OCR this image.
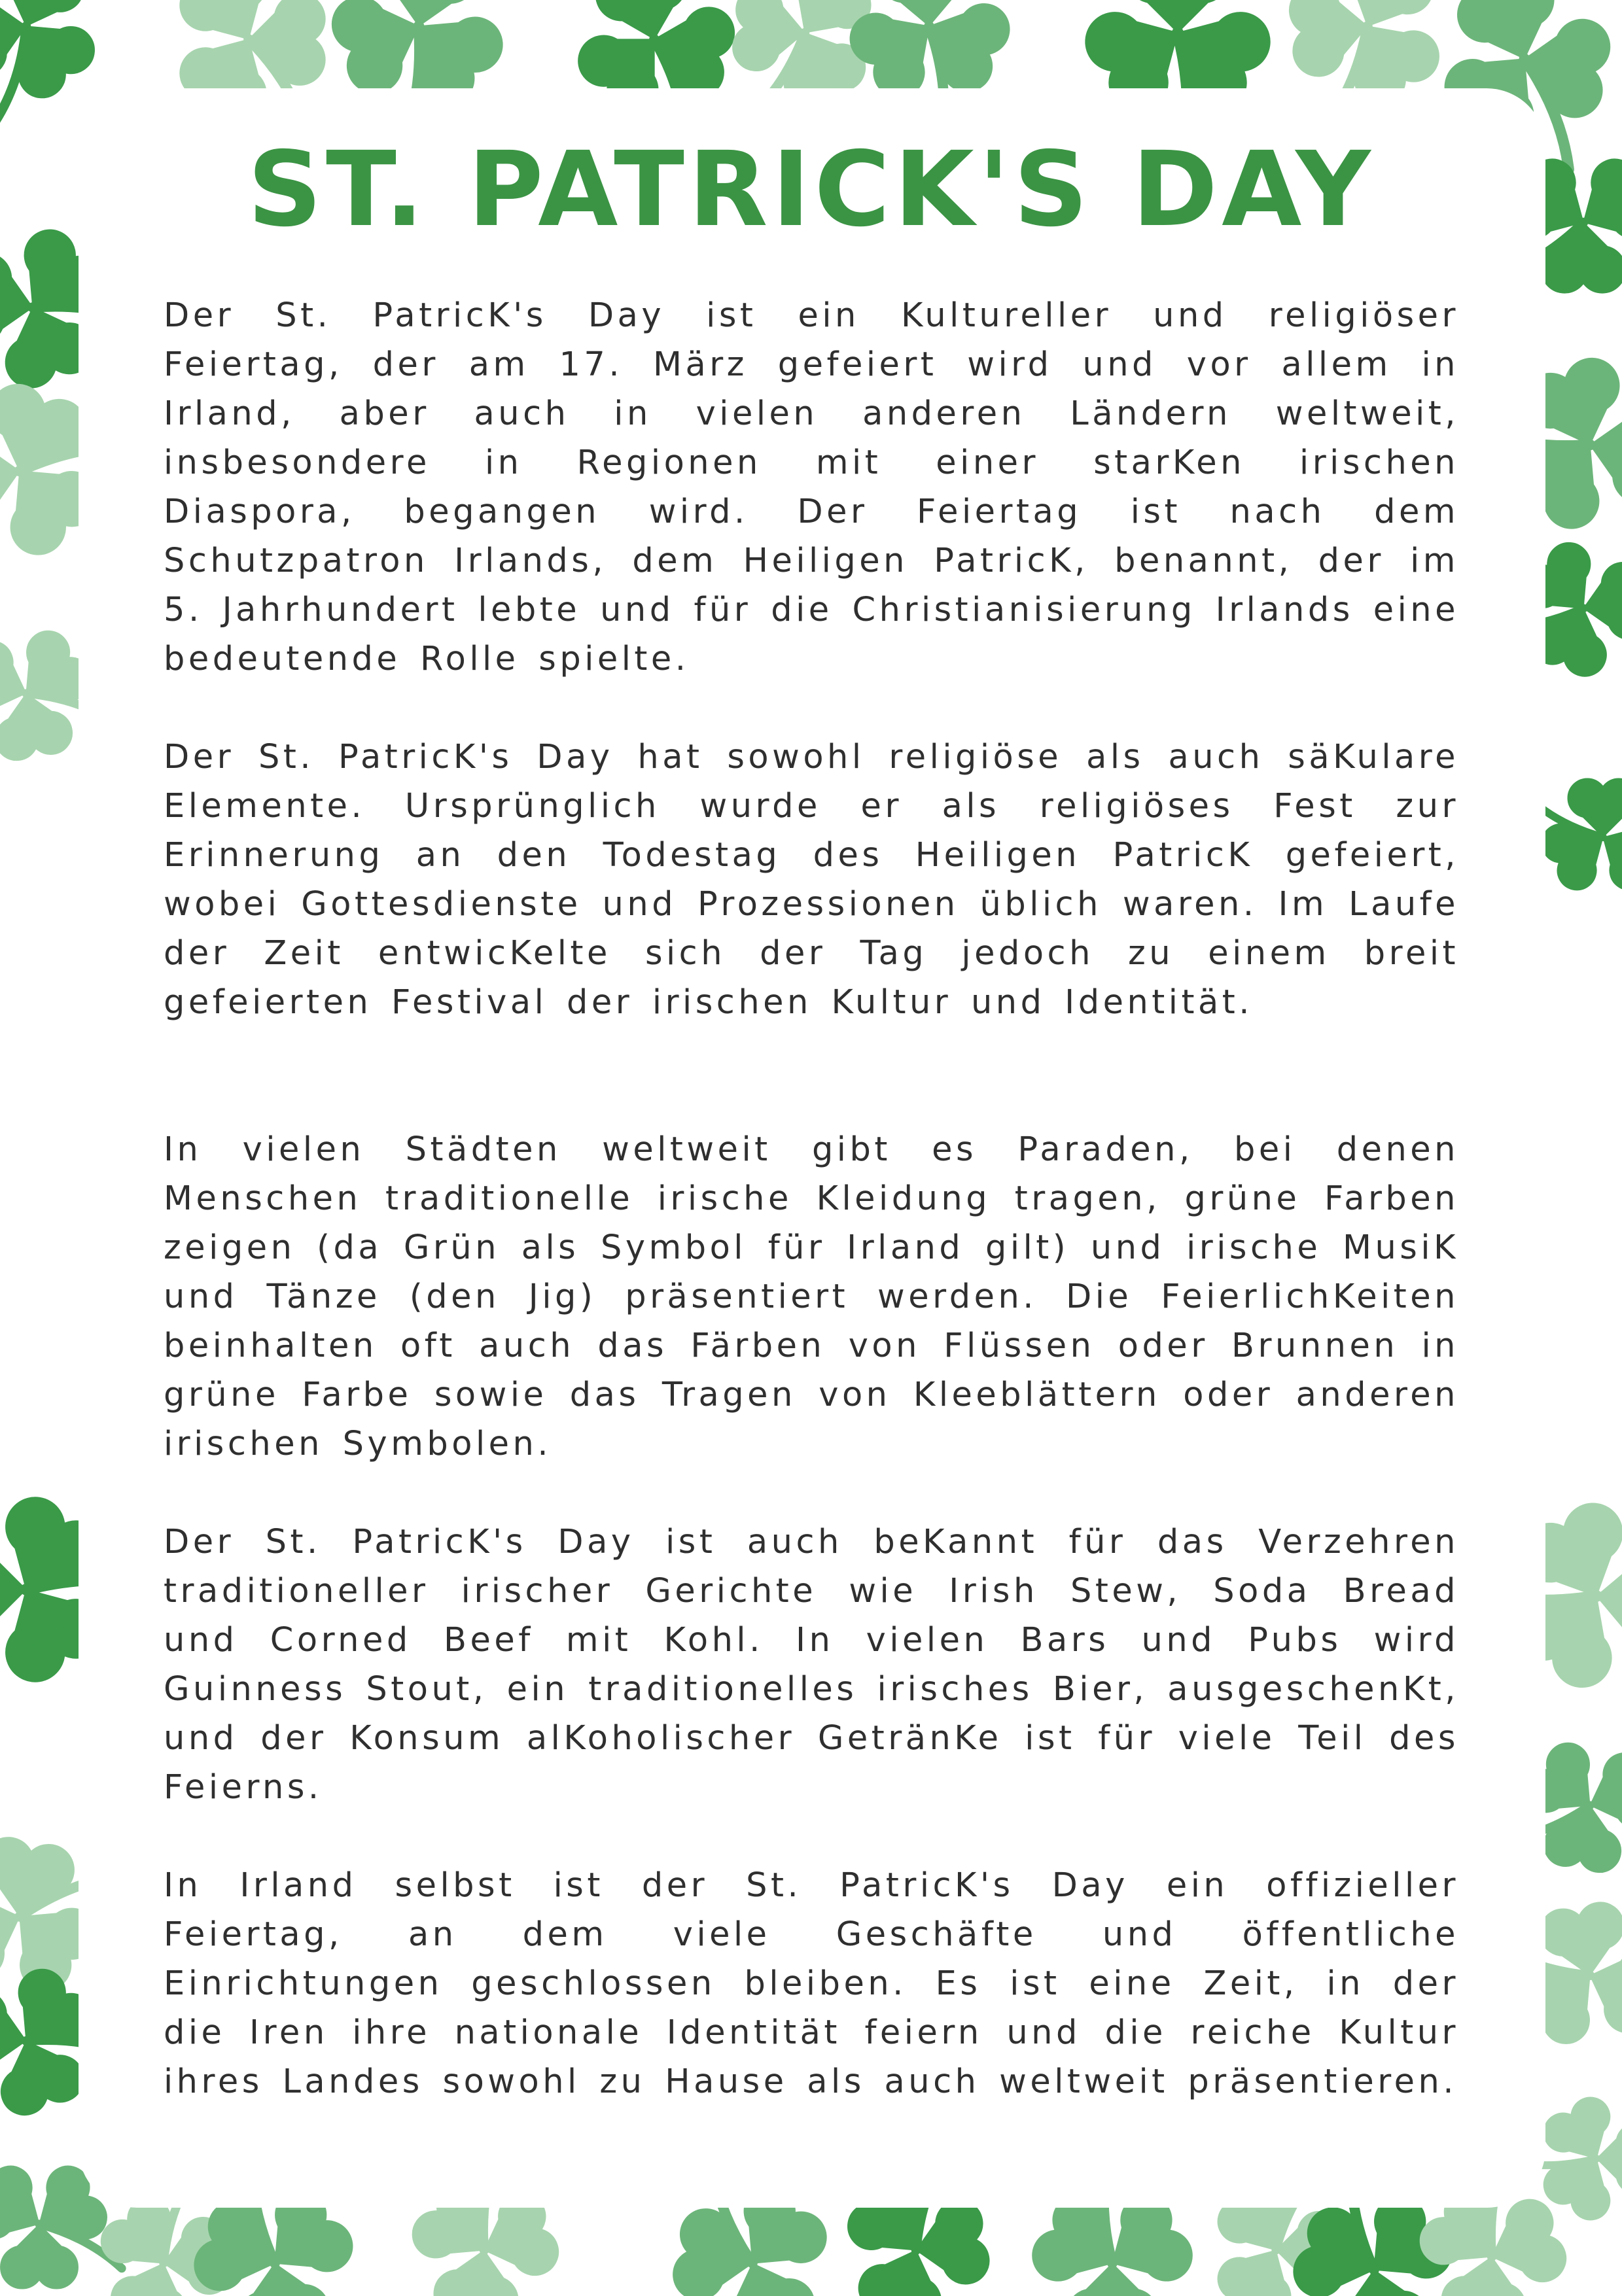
ST. PATRICK'S DAY

Der St. PatricK's Day ist ein Kultureller und religiöser Feiertag, der am 17. März gefeiert wird und vor allem in Irland, aber auch in vielen anderen Ländern weltweit, insbesondere in Regionen mit einer starKen irischen Diaspora, begangen wird. Der Feiertag ist nach dem Schutzpatron Irlands, dem Heiligen PatricK, benannt, der im 5. Jahrhundert lebte und für die Christianisierung Irlands eine bedeutende Rolle spielte.

Der St. PatricK's Day hat sowohl religiöse als auch säKulare Elemente. Ursprünglich wurde er als religiöses Fest zur Erinnerung an den Todestag des Heiligen PatricK gefeiert, wobei Gottesdienste und Prozessionen üblich waren. Im Laufe der Zeit entwicKelte sich der Tag jedoch zu einem breit gefeierten Festival der irischen Kultur und Identität.

In vielen Städten weltweit gibt es Paraden, bei denen Menschen traditionelle irische Kleidung tragen, grüne Farben zeigen (da Grün als Symbol für Irland gilt) und irische MusiK und Tänze (den Jig) präsentiert werden. Die FeierlichKeiten beinhalten oft auch das Färben von Flüssen oder Brunnen in grüne Farbe sowie das Tragen von Kleeblättern oder anderen irischen Symbolen.

Der St. PatricK's Day ist auch beKannt für das Verzehren traditioneller irischer Gerichte wie Irish Stew, Soda Bread und Corned Beef mit Kohl. In vielen Bars und Pubs wird Guinness Stout, ein traditionelles irisches Bier, ausgeschenKt, und der Konsum alKoholischer GetränKe ist für viele Teil des Feierns.

In Irland selbst ist der St. PatricK's Day ein offizieller Feiertag, an dem viele Geschäfte und öffentliche Einrichtungen geschlossen bleiben. Es ist eine Zeit, in der die Iren ihre nationale Identität feiern und die reiche Kultur ihres Landes sowohl zu Hause als auch weltweit präsentieren.
